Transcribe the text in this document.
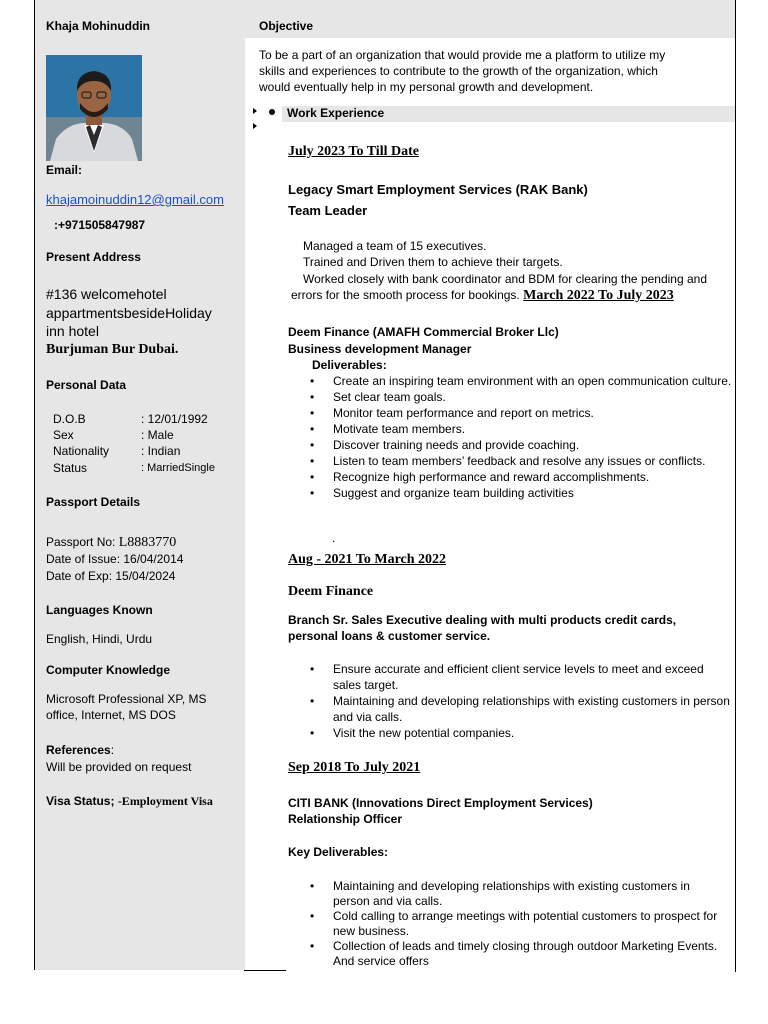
Khaja Mohinuddin
Email:
khajamoinuddin12@gmail.com
:+971505847987
Present Address
#136 welcomehotel
appartmentsbesideHoliday
inn hotel
Burjuman Bur Dubai.
Personal Data
D.O.B	: 12/01/1992
Sex	: Male
Nationality	: Indian
Status	: MarriedSingle
Passport Details
Passport No: L8883770
Date of Issue: 16/04/2014
Date of Exp: 15/04/2024
Languages Known
English, Hindi, Urdu
Computer Knowledge
Microsoft Professional XP, MS
office, Internet, MS DOS
References:
Will be provided on request
Visa Status; -Employment Visa
Objective
To be a part of an organization that would provide me a platform to utilize my
skills and experiences to contribute to the growth of the organization, which
would eventually help in my personal growth and development.
Work Experience
July 2023 To Till Date
Legacy Smart Employment Services (RAK Bank)
Team Leader
Managed a team of 15 executives.
Trained and Driven them to achieve their targets.
Worked closely with bank coordinator and BDM for clearing the pending and
errors for the smooth process for bookings. March 2022 To July 2023
Deem Finance (AMAFH Commercial Broker Llc)
Business development Manager
Deliverables:
• Create an inspiring team environment with an open communication culture.
• Set clear team goals.
• Monitor team performance and report on metrics.
• Motivate team members.
• Discover training needs and provide coaching.
• Listen to team members’ feedback and resolve any issues or conflicts.
• Recognize high performance and reward accomplishments.
• Suggest and organize team building activities
.
Aug - 2021 To March 2022
Deem Finance
Branch Sr. Sales Executive dealing with multi products credit cards,
personal loans & customer service.
• Ensure accurate and efficient client service levels to meet and exceed sales target.
• Maintaining and developing relationships with existing customers in person and via calls.
• Visit the new potential companies.
Sep 2018 To July 2021
CITI BANK (Innovations Direct Employment Services)
Relationship Officer
Key Deliverables:
• Maintaining and developing relationships with existing customers in person and via calls.
• Cold calling to arrange meetings with potential customers to prospect for new business.
• Collection of leads and timely closing through outdoor Marketing Events. And service offers
